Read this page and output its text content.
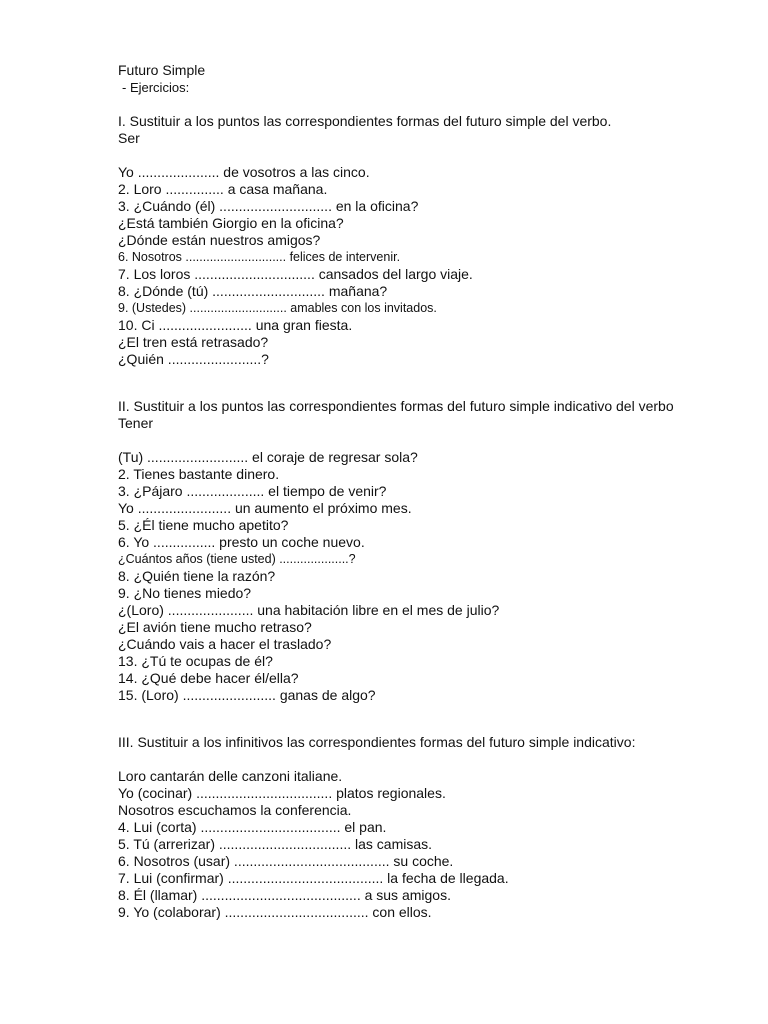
Futuro Simple
- Ejercicios:
I. Sustituir a los puntos las correspondientes formas del futuro simple del verbo.
Ser
Yo ..................... de vosotros a las cinco.
2. Loro ............... a casa mañana.
3. ¿Cuándo (él) ............................. en la oficina?
¿Está también Giorgio en la oficina?
¿Dónde están nuestros amigos?
6. Nosotros ............................. felices de intervenir.
7. Los loros ............................... cansados del largo viaje.
8. ¿Dónde (tú) ............................. mañana?
9. (Ustedes) ............................ amables con los invitados.
10. Ci ........................ una gran fiesta.
¿El tren está retrasado?
¿Quién ........................?
II. Sustituir a los puntos las correspondientes formas del futuro simple indicativo del verbo
Tener
(Tu) .......................... el coraje de regresar sola?
2. Tienes bastante dinero.
3. ¿Pájaro .................... el tiempo de venir?
Yo ........................ un aumento el próximo mes.
5. ¿Él tiene mucho apetito?
6. Yo ................ presto un coche nuevo.
¿Cuántos años (tiene usted) ....................?
8. ¿Quién tiene la razón?
9. ¿No tienes miedo?
¿(Loro) ...................... una habitación libre en el mes de julio?
¿El avión tiene mucho retraso?
¿Cuándo vais a hacer el traslado?
13. ¿Tú te ocupas de él?
14. ¿Qué debe hacer él/ella?
15. (Loro) ........................ ganas de algo?
III. Sustituir a los infinitivos las correspondientes formas del futuro simple indicativo:
Loro cantarán delle canzoni italiane.
Yo (cocinar) ................................... platos regionales.
Nosotros escuchamos la conferencia.
4. Lui (corta) .................................... el pan.
5. Tú (arrerizar) .................................. las camisas.
6. Nosotros (usar) ........................................ su coche.
7. Lui (confirmar) ........................................ la fecha de llegada.
8. Él (llamar) ......................................... a sus amigos.
9. Yo (colaborar) ..................................... con ellos.
